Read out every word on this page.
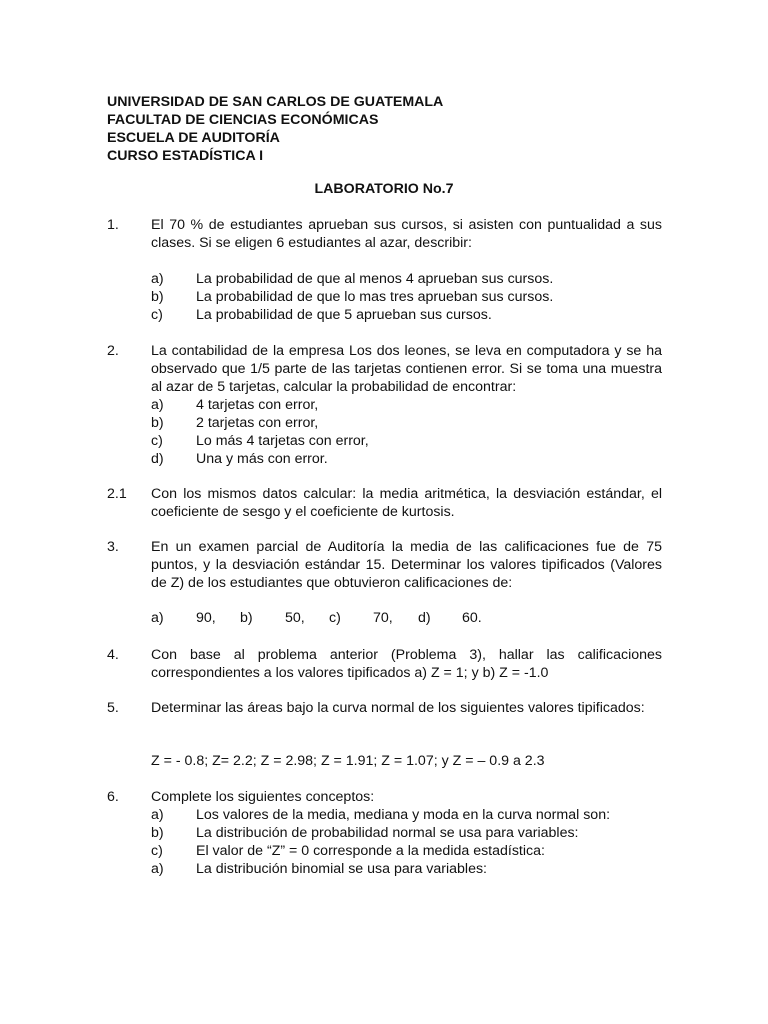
UNIVERSIDAD DE SAN CARLOS DE GUATEMALA
FACULTAD DE CIENCIAS ECONÓMICAS
ESCUELA DE AUDITORÍA
CURSO ESTADÍSTICA I
LABORATORIO No.7
1. El 70 % de estudiantes aprueban sus cursos, si asisten con puntualidad a sus clases. Si se eligen 6 estudiantes al azar, describir:
a) La probabilidad de que al menos 4 aprueban sus cursos.
b) La probabilidad de que lo mas tres aprueban sus cursos.
c) La probabilidad de que 5 aprueban sus cursos.
2. La contabilidad de la empresa Los dos leones, se leva en computadora y se ha observado que 1/5 parte de las tarjetas contienen error. Si se toma una muestra al azar de 5 tarjetas, calcular la probabilidad de encontrar:
a) 4 tarjetas con error,
b) 2 tarjetas con error,
c) Lo más 4 tarjetas con error,
d) Una y más con error.
2.1 Con los mismos datos calcular: la media aritmética, la desviación estándar, el coeficiente de sesgo y el coeficiente de kurtosis.
3. En un examen parcial de Auditoría la media de las calificaciones fue de 75 puntos, y la desviación estándar 15. Determinar los valores tipificados (Valores de Z) de los estudiantes que obtuvieron calificaciones de:
a) 90, b) 50, c) 70, d) 60.
4. Con base al problema anterior (Problema 3), hallar las calificaciones correspondientes a los valores tipificados a) Z = 1; y b) Z = -1.0
5. Determinar las áreas bajo la curva normal de los siguientes valores tipificados:
Z = - 0.8; Z= 2.2; Z = 2.98; Z = 1.91; Z = 1.07; y Z = – 0.9 a 2.3
6. Complete los siguientes conceptos:
a) Los valores de la media, mediana y moda en la curva normal son:
b) La distribución de probabilidad normal se usa para variables:
c) El valor de “Z” = 0 corresponde a la medida estadística:
a) La distribución binomial se usa para variables:
